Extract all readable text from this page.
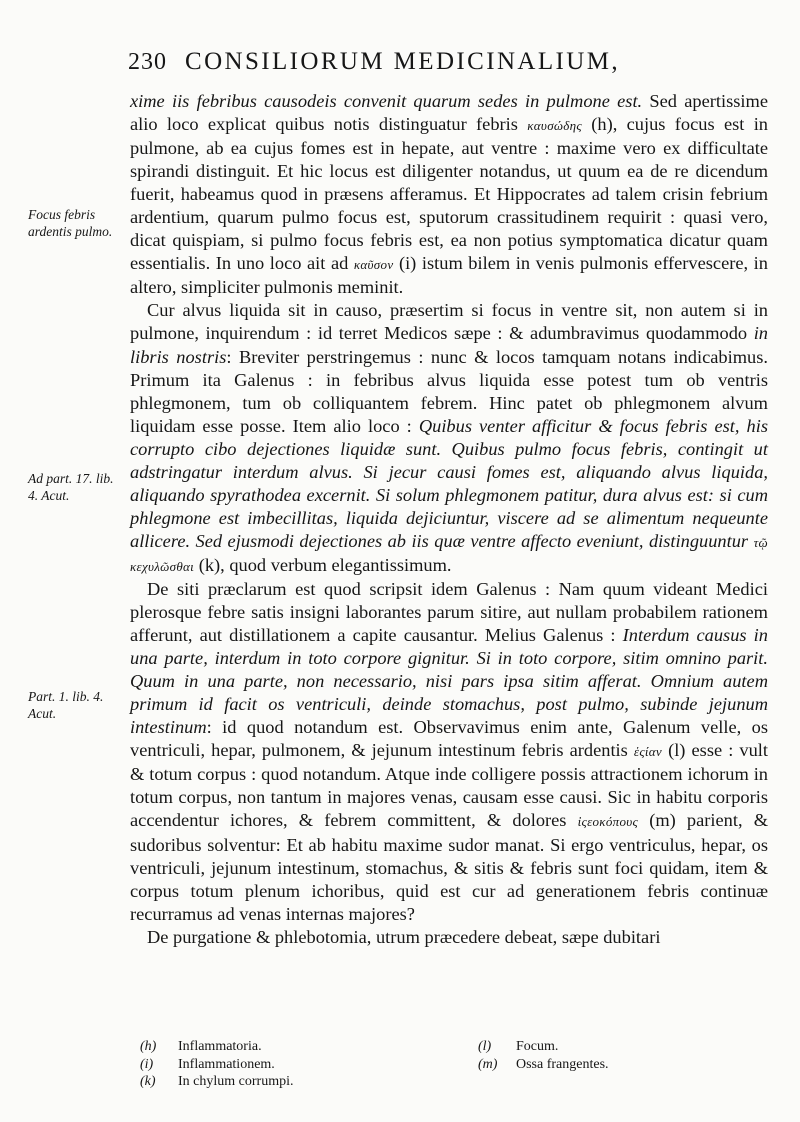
230 CONSILIORUM MEDICINALIUM,
Focus febris ardentis pulmo.
Ad part. 17. lib. 4. Acut.
Part. 1. lib. 4. Acut.

xime iis febribus causodeis convenit quarum sedes in pulmone est. Sed apertissime alio loco explicat quibus notis distinguatur febris καυσώδης (h), cujus focus est in pulmone, ab ea cujus fomes est in hepate, aut ventre : maxime vero ex difficultate spirandi distinguit. Et hic locus est diligenter notandus, ut quum ea de re dicendum fuerit, habeamus quod in præsens afferamus. Et Hippocrates ad talem crisin febrium ardentium, quarum pulmo focus est, sputorum crassitudinem requirit : quasi vero, dicat quispiam, si pulmo focus febris est, ea non potius symptomatica dicatur quam essentialis. In uno loco ait ad καῦσον (i) istum bilem in venis pulmonis effervescere, in altero, simpliciter pulmonis meminit.

Cur alvus liquida sit in causo, præsertim si focus in ventre sit, non autem si in pulmone, inquirendum : id terret Medicos sæpe : & adumbravimus quodammodo in libris nostris: Breviter perstringemus : nunc & locos tamquam notans indicabimus. Primum ita Galenus : in febribus alvus liquida esse potest tum ob ventris phlegmonem, tum ob colliquantem febrem. Hinc patet ob phlegmonem alvum liquidam esse posse. Item alio loco : Quibus venter afficitur & focus febris est, his corrupto cibo dejectiones liquidæ sunt. Quibus pulmo focus febris, contingit ut adstringatur interdum alvus. Si jecur causi fomes est, aliquando alvus liquida, aliquando spyrathodea excernit. Si solum phlegmonem patitur, dura alvus est: si cum phlegmone est imbecillitas, liquida dejiciuntur, viscere ad se alimentum nequeunte allicere. Sed ejusmodi dejectiones ab iis quæ ventre affecto eveniunt, distinguuntur τῷ κεχυλῶσθαι (k), quod verbum elegantissimum.

De siti præclarum est quod scripsit idem Galenus : Nam quum videant Medici plerosque febre satis insigni laborantes parum sitire, aut nullam probabilem rationem afferunt, aut distillationem a capite causantur. Melius Galenus : Interdum causus in una parte, interdum in toto corpore gignitur. Si in toto corpore, sitim omnino parit. Quum in una parte, non necessario, nisi pars ipsa sitim afferat. Omnium autem primum id facit os ventriculi, deinde stomachus, post pulmo, subinde jejunum intestinum: id quod notandum est. Observavimus enim ante, Galenum velle, os ventriculi, hepar, pulmonem, & jejunum intestinum febris ardentis ἑςίαν (l) esse : vult & totum corpus : quod notandum. Atque inde colligere possis attractionem ichorum in totum corpus, non tantum in majores venas, causam esse causi. Sic in habitu corporis accendentur ichores, & febrem committent, & dolores ἰςεοκόπους (m) parient, & sudoribus solventur: Et ab habitu maxime sudor manat. Si ergo ventriculus, hepar, os ventriculi, jejunum intestinum, stomachus, & sitis & febris sunt foci quidam, item & corpus totum plenum ichoribus, quid est cur ad generationem febris continuæ recurramus ad venas internas majores?

De purgatione & phlebotomia, utrum præcedere debeat, sæpe dubitari

(h) Inflammatoria.
(i) Inflammationem.
(k) In chylum corrumpi.
(l) Focum.
(m) Ossa frangentes.
